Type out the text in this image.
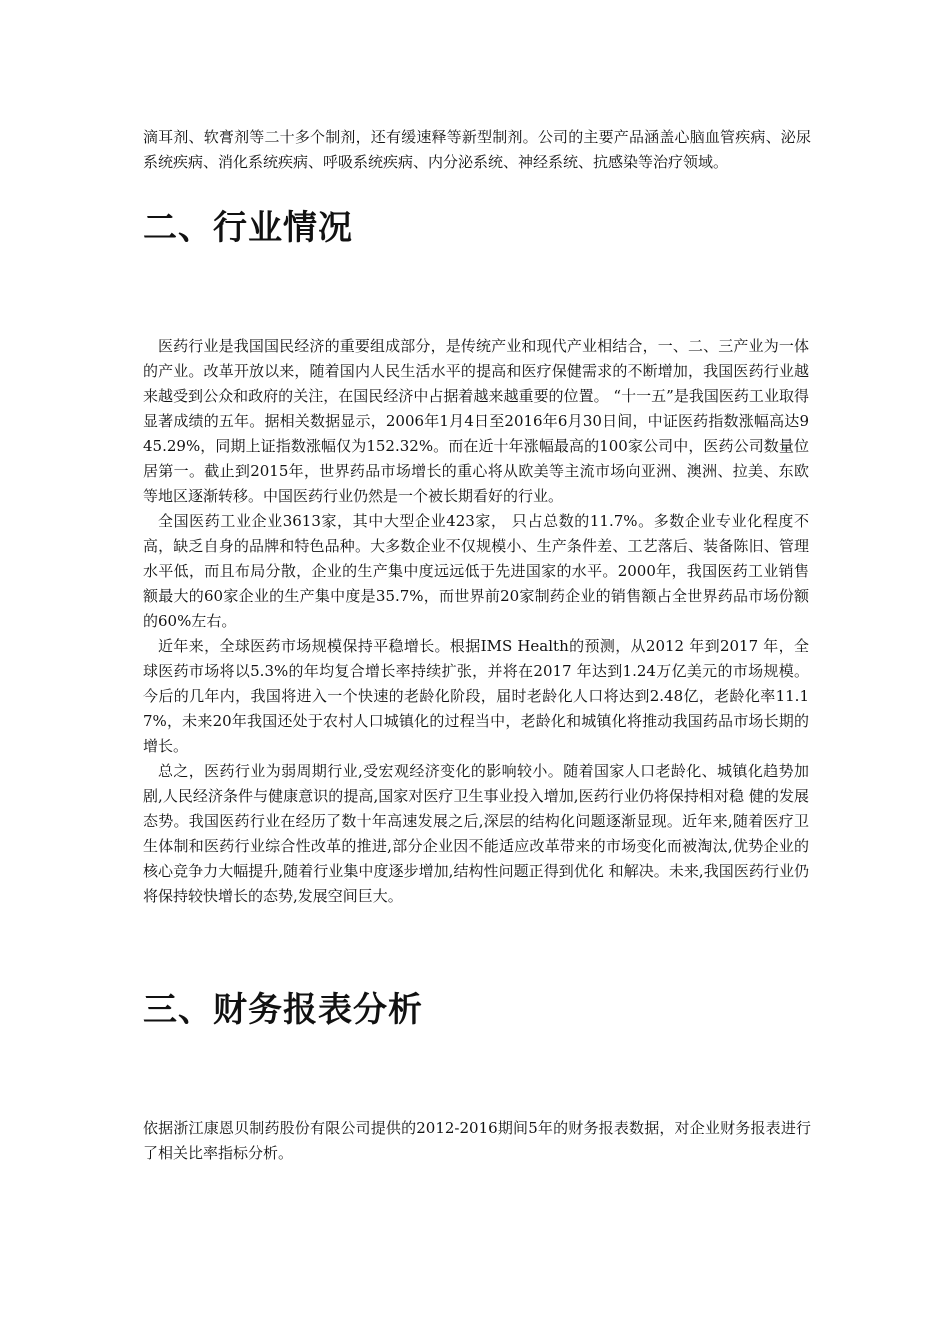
滴耳剂、软膏剂等二十多个制剂，还有缓速释等新型制剂。公司的主要产品涵盖心脑血管疾病、泌尿系统疾病、消化系统疾病、呼吸系统疾病、内分泌系统、神经系统、抗感染等治疗领域。

二、行业情况

医药行业是我国国民经济的重要组成部分，是传统产业和现代产业相结合，一、二、三产业为一体的产业。改革开放以来，随着国内人民生活水平的提高和医疗保健需求的不断增加，我国医药行业越来越受到公众和政府的关注，在国民经济中占据着越来越重要的位置。 “十一五”是我国医药工业取得显著成绩的五年。据相关数据显示，2006年1月4日至2016年6月30日间，中证医药指数涨幅高达945.29%，同期上证指数涨幅仅为152.32%。而在近十年涨幅最高的100家公司中，医药公司数量位居第一。截止到2015年，世界药品市场增长的重心将从欧美等主流市场向亚洲、澳洲、拉美、东欧等地区逐渐转移。中国医药行业仍然是一个被长期看好的行业。

全国医药工业企业3613家，其中大型企业423家， 只占总数的11.7%。多数企业专业化程度不高，缺乏自身的品牌和特色品种。大多数企业不仅规模小、生产条件差、工艺落后、装备陈旧、管理水平低，而且布局分散，企业的生产集中度远远低于先进国家的水平。2000年，我国医药工业销售额最大的60家企业的生产集中度是35.7%，而世界前20家制药企业的销售额占全世界药品市场份额的60%左右。

近年来，全球医药市场规模保持平稳增长。根据IMS Health的预测，从2012 年到2017 年，全球医药市场将以5.3%的年均复合增长率持续扩张，并将在2017 年达到1.24万亿美元的市场规模。今后的几年内，我国将进入一个快速的老龄化阶段，届时老龄化人口将达到2.48亿，老龄化率11.17%，未来20年我国还处于农村人口城镇化的过程当中，老龄化和城镇化将推动我国药品市场长期的增长。

总之，医药行业为弱周期行业,受宏观经济变化的影响较小。随着国家人口老龄化、城镇化趋势加剧,人民经济条件与健康意识的提高,国家对医疗卫生事业投入增加,医药行业仍将保持相对稳 健的发展态势。我国医药行业在经历了数十年高速发展之后,深层的结构化问题逐渐显现。近年来,随着医疗卫生体制和医药行业综合性改革的推进,部分企业因不能适应改革带来的市场变化而被淘汰,优势企业的核心竞争力大幅提升,随着行业集中度逐步增加,结构性问题正得到优化 和解决。未来,我国医药行业仍将保持较快增长的态势,发展空间巨大。

三、财务报表分析

依据浙江康恩贝制药股份有限公司提供的2012-2016期间5年的财务报表数据，对企业财务报表进行了相关比率指标分析。
